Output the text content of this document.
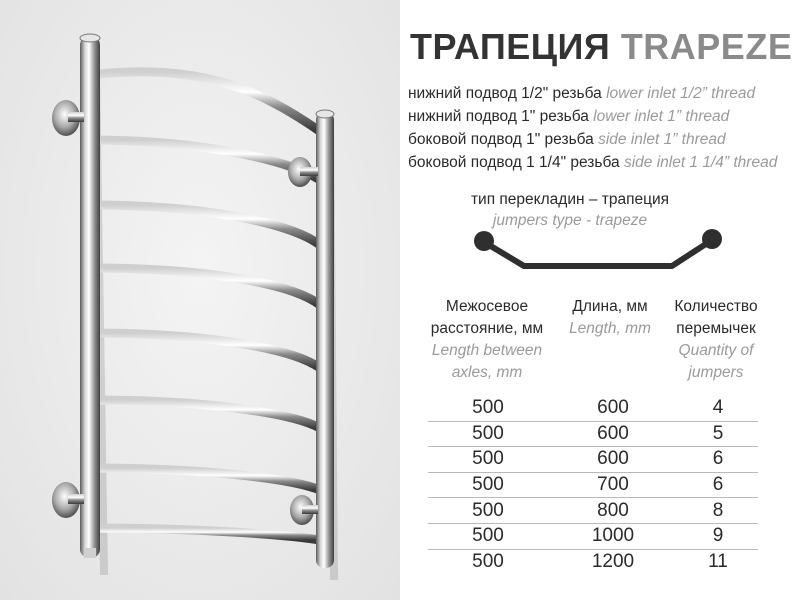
ТРАПЕЦИЯ TRAPEZE
нижний подвод 1/2" резьба lower inlet 1/2” thread
нижний подвод 1" резьба lower inlet 1” thread
боковой подвод 1" резьба side inlet 1” thread
боковой подвод 1 1/4" резьба side inlet 1 1/4” thread
тип перекладин – трапеция
jumpers type - trapeze
Межосевое расстояние, мм
Length between axles, mm
Длина, мм
Length, mm
Количество перемычек
Quantity of jumpers
500	600	4
500	600	5
500	600	6
500	700	6
500	800	8
500	1000	9
500	1200	11
